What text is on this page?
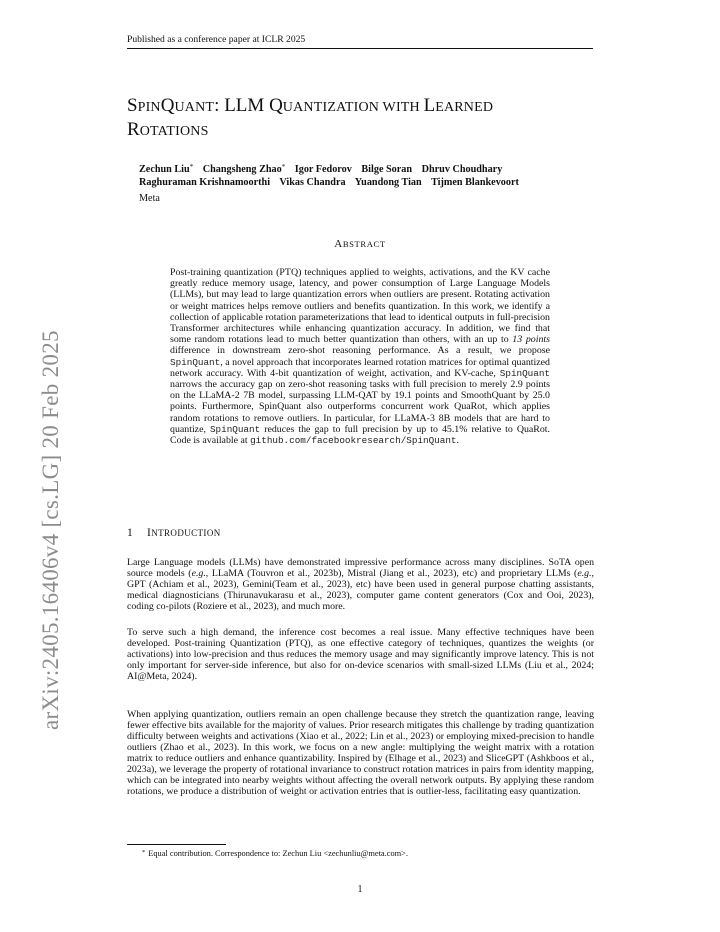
Published as a conference paper at ICLR 2025
arXiv:2405.16406v4 [cs.LG] 20 Feb 2025
SPINQUANT: LLM QUANTIZATION WITH LEARNED
ROTATIONS
Zechun Liu* Changsheng Zhao* Igor Fedorov Bilge Soran Dhruv Choudhary
Raghuraman Krishnamoorthi Vikas Chandra Yuandong Tian Tijmen Blankevoort
Meta
ABSTRACT

Post-training quantization (PTQ) techniques applied to weights, activations, and the KV cache greatly reduce memory usage, latency, and power consumption of Large Language Models (LLMs), but may lead to large quantization errors when outliers are present. Rotating activation or weight matrices helps remove outliers and benefits quantization. In this work, we identify a collection of applicable rotation parameterizations that lead to identical outputs in full-precision Transformer architectures while enhancing quantization accuracy. In addition, we find that some random rotations lead to much better quantization than others, with an up to 13 points difference in downstream zero-shot reasoning performance. As a result, we propose SpinQuant, a novel approach that incorporates learned rotation matrices for optimal quantized network accuracy. With 4-bit quantization of weight, activation, and KV-cache, SpinQuant narrows the accuracy gap on zero-shot reasoning tasks with full precision to merely 2.9 points on the LLaMA-2 7B model, surpassing LLM-QAT by 19.1 points and SmoothQuant by 25.0 points. Furthermore, SpinQuant also outperforms concurrent work QuaRot, which applies random rotations to remove outliers. In particular, for LLaMA-3 8B models that are hard to quantize, SpinQuant reduces the gap to full precision by up to 45.1% relative to QuaRot. Code is available at github.com/facebookresearch/SpinQuant.

1 INTRODUCTION

Large Language models (LLMs) have demonstrated impressive performance across many disciplines. SoTA open source models (e.g., LLaMA (Touvron et al., 2023b), Mistral (Jiang et al., 2023), etc) and proprietary LLMs (e.g., GPT (Achiam et al., 2023), Gemini(Team et al., 2023), etc) have been used in general purpose chatting assistants, medical diagnosticians (Thirunavukarasu et al., 2023), computer game content generators (Cox and Ooi, 2023), coding co-pilots (Roziere et al., 2023), and much more.

To serve such a high demand, the inference cost becomes a real issue. Many effective techniques have been developed. Post-training Quantization (PTQ), as one effective category of techniques, quantizes the weights (or activations) into low-precision and thus reduces the memory usage and may significantly improve latency. This is not only important for server-side inference, but also for on-device scenarios with small-sized LLMs (Liu et al., 2024; AI@Meta, 2024).

When applying quantization, outliers remain an open challenge because they stretch the quantization range, leaving fewer effective bits available for the majority of values. Prior research mitigates this challenge by trading quantization difficulty between weights and activations (Xiao et al., 2022; Lin et al., 2023) or employing mixed-precision to handle outliers (Zhao et al., 2023). In this work, we focus on a new angle: multiplying the weight matrix with a rotation matrix to reduce outliers and enhance quantizability. Inspired by (Elhage et al., 2023) and SliceGPT (Ashkboos et al., 2023a), we leverage the property of rotational invariance to construct rotation matrices in pairs from identity mapping, which can be integrated into nearby weights without affecting the overall network outputs. By applying these random rotations, we produce a distribution of weight or activation entries that is outlier-less, facilitating easy quantization.

* Equal contribution. Correspondence to: Zechun Liu <zechunliu@meta.com>.
1
